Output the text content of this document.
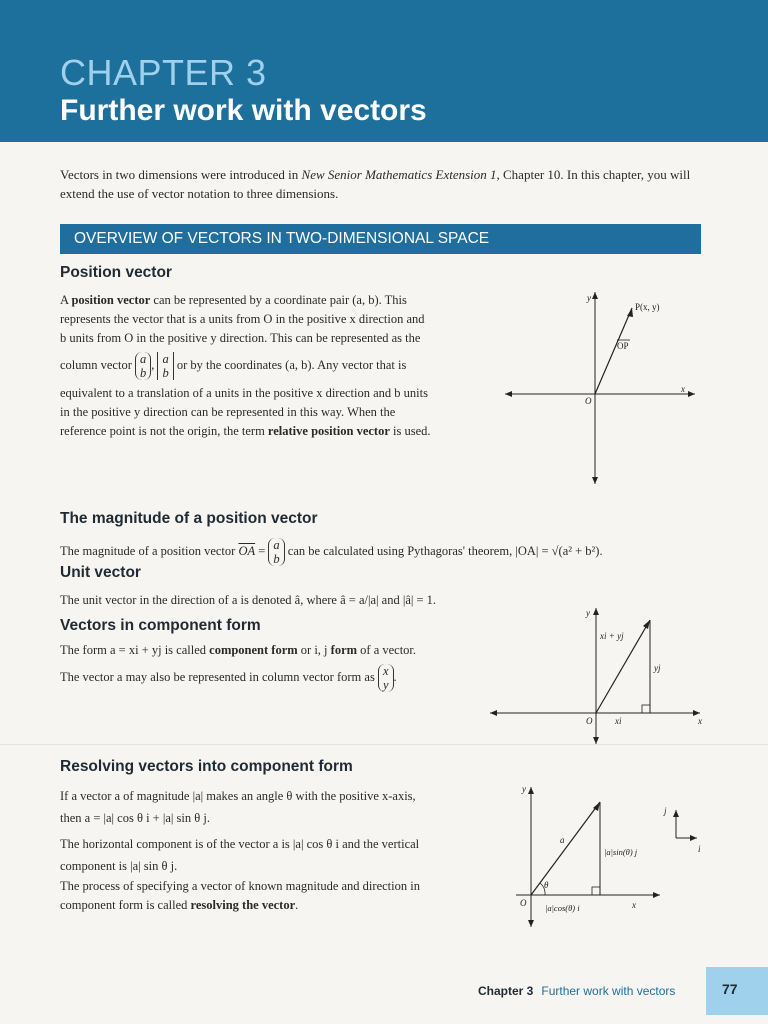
CHAPTER 3
Further work with vectors
Vectors in two dimensions were introduced in New Senior Mathematics Extension 1, Chapter 10. In this chapter, you will extend the use of vector notation to three dimensions.
OVERVIEW OF VECTORS IN TWO-DIMENSIONAL SPACE
Position vector
A position vector can be represented by a coordinate pair (a, b). This
represents the vector that is a units from O in the positive x direction and
b units from O in the positive y direction. This can be represented as the
column vector a
b, a
b or by the coordinates (a, b). Any vector that is
equivalent to a translation of a units in the positive x direction and b units
in the positive y direction can be represented in this way. When the
reference point is not the origin, the term relative position vector is used.
y
x
O
P(x, y)
OP
The magnitude of a position vector
The magnitude of a position vector $\overline{OA} = a$
b can be calculated using Pythagoras' theorem, |OA| = √(a² + b²).
Unit vector
The unit vector in the direction of a is denoted â, where â = a/|a| and |â| = 1.
Vectors in component form
The form a = xi + yj is called component form or i, j form of a vector.
The vector a may also be represented in column vector form as x
y.
y
x
O
xi + yj
yj
xi
Resolving vectors into component form
If a vector a of magnitude |a| makes an angle θ with the positive x-axis,
then a = |a| cos θ i + |a| sin θ j.
The horizontal component is of the vector a is |a| cos θ i and the vertical
component is |a| sin θ j.
The process of specifying a vector of known magnitude and direction in
component form is called resolving the vector.
y
x
O
a
θ
|a|sin(θ) j
|a|cos(θ) i
j
i
Chapter 3 Further work with vectors	77
